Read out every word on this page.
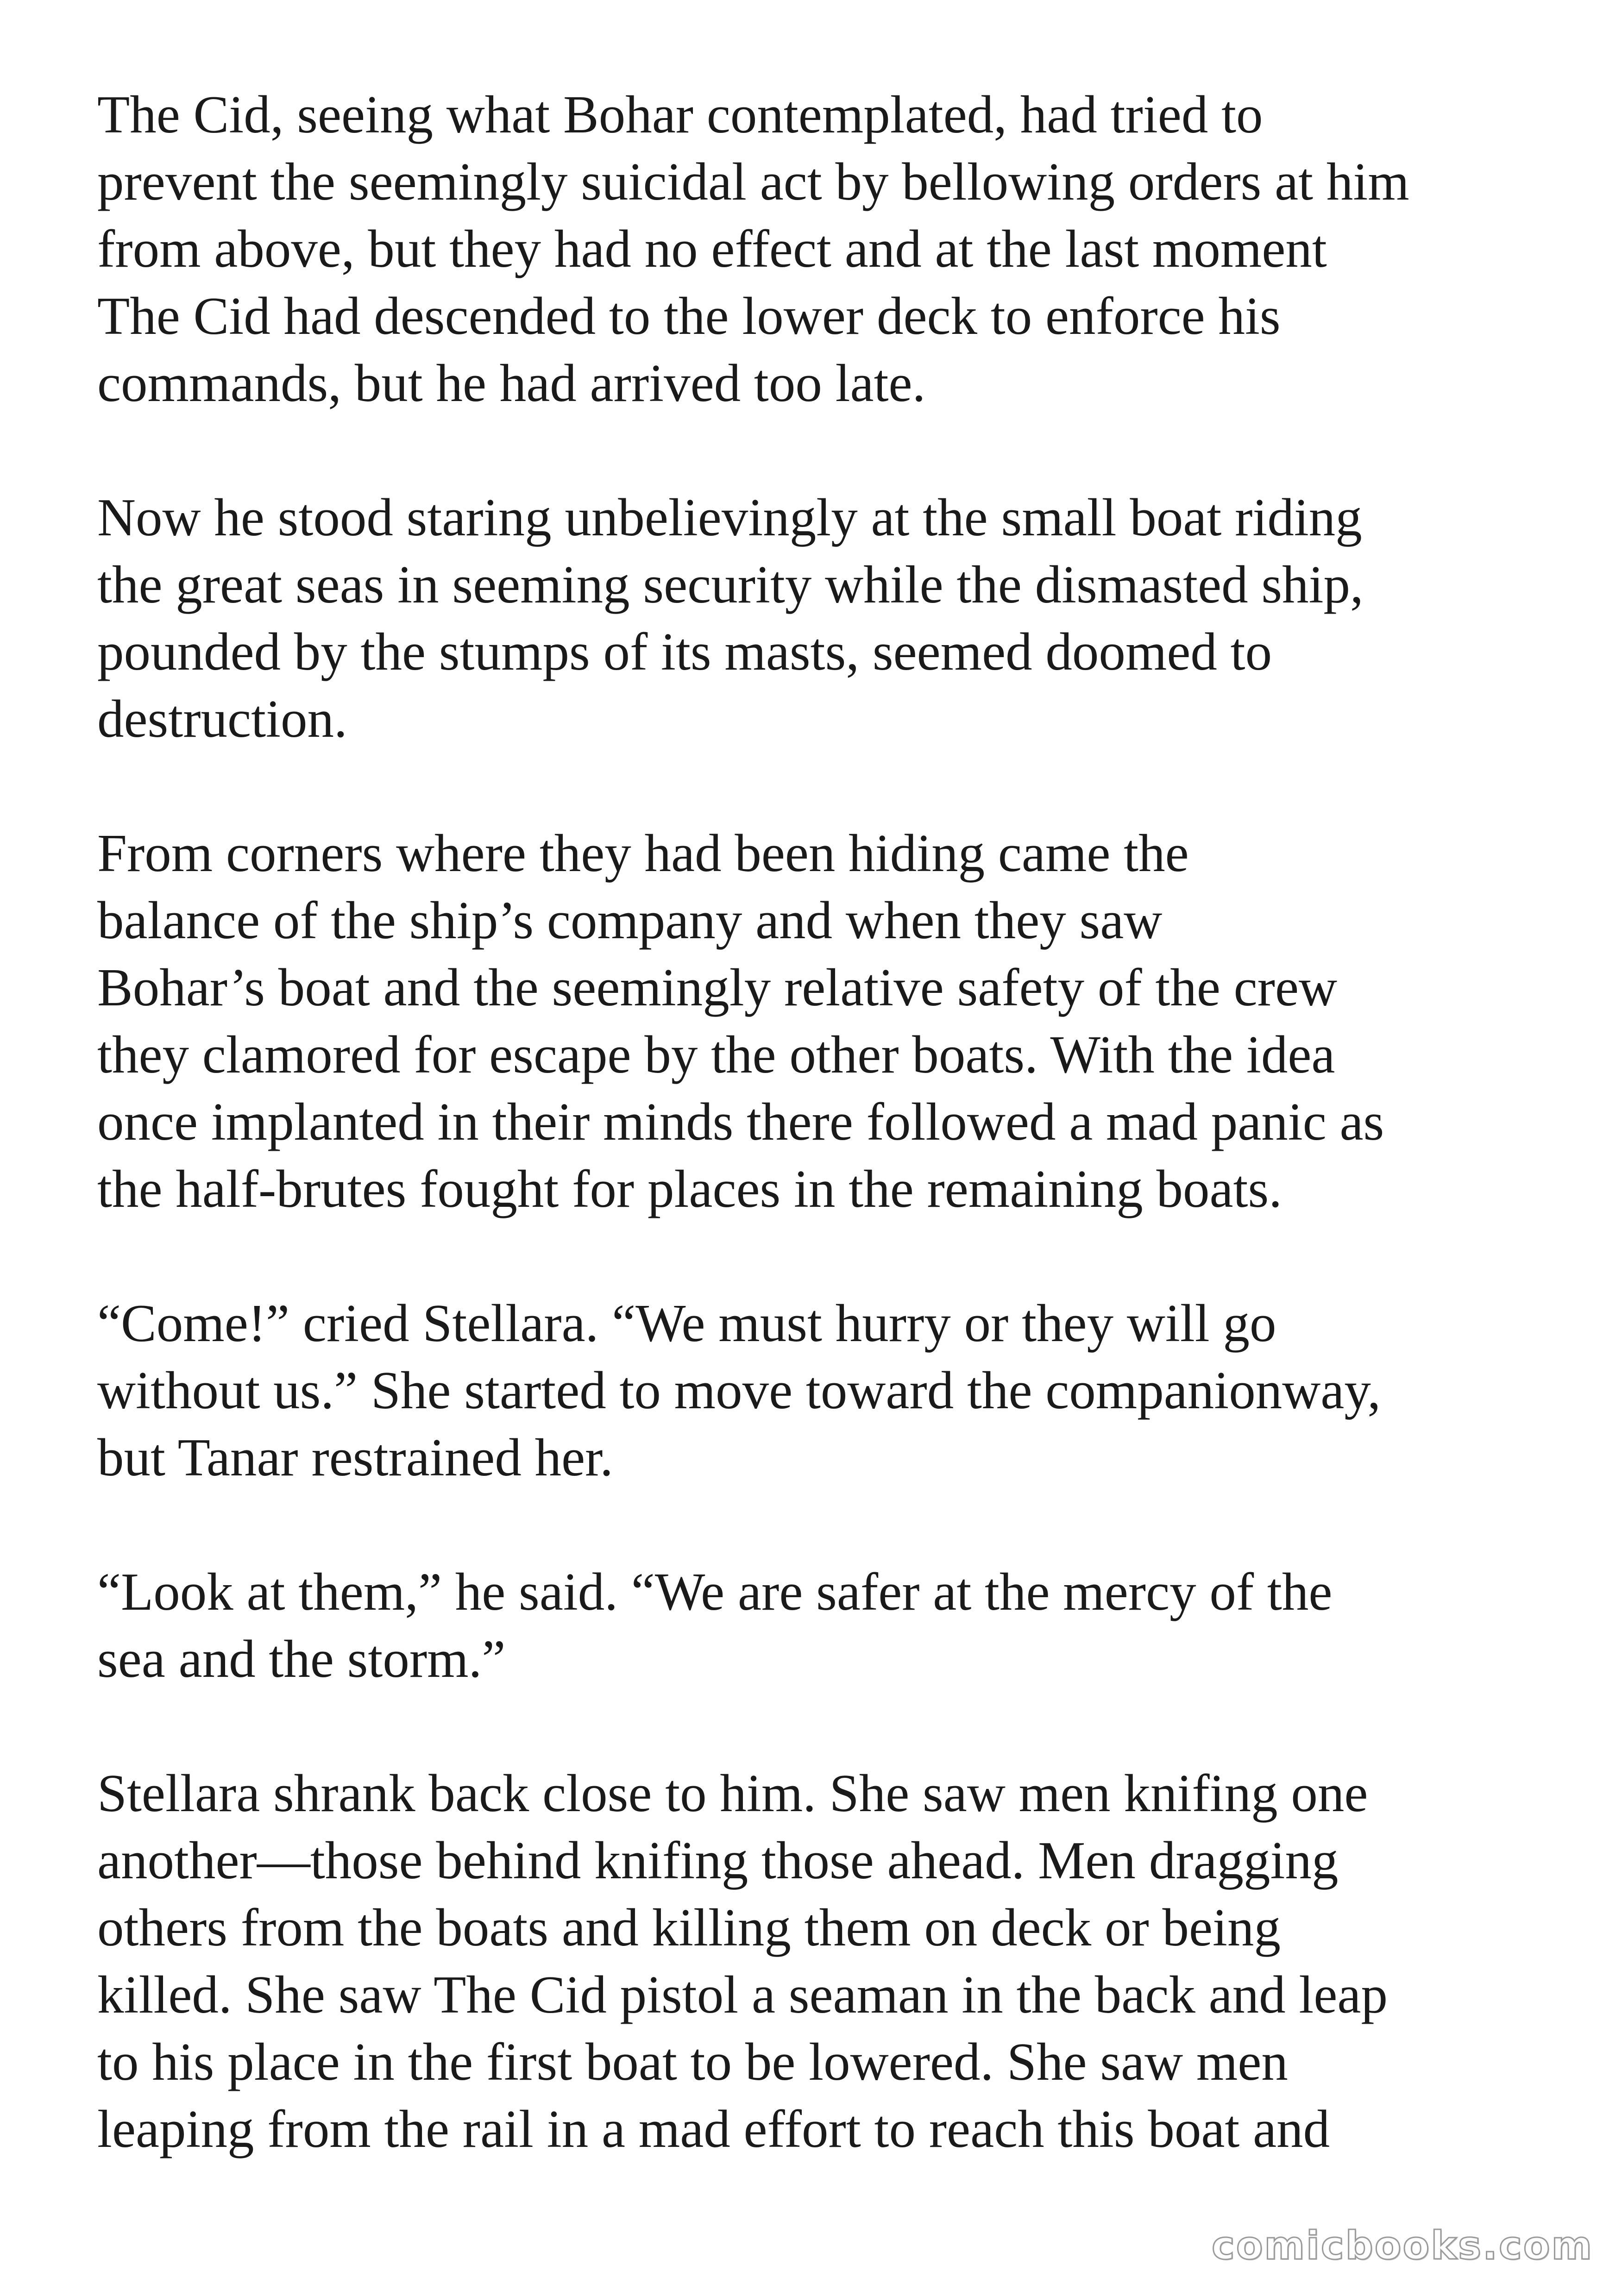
The Cid, seeing what Bohar contemplated, had tried to
prevent the seemingly suicidal act by bellowing orders at him
from above, but they had no effect and at the last moment
The Cid had descended to the lower deck to enforce his
commands, but he had arrived too late.

Now he stood staring unbelievingly at the small boat riding
the great seas in seeming security while the dismasted ship,
pounded by the stumps of its masts, seemed doomed to
destruction.

From corners where they had been hiding came the
balance of the ship’s company and when they saw
Bohar’s boat and the seemingly relative safety of the crew
they clamored for escape by the other boats. With the idea
once implanted in their minds there followed a mad panic as
the half-brutes fought for places in the remaining boats.

“Come!” cried Stellara. “We must hurry or they will go
without us.” She started to move toward the companionway,
but Tanar restrained her.

“Look at them,” he said. “We are safer at the mercy of the
sea and the storm.”

Stellara shrank back close to him. She saw men knifing one
another—those behind knifing those ahead. Men dragging
others from the boats and killing them on deck or being
killed. She saw The Cid pistol a seaman in the back and leap
to his place in the first boat to be lowered. She saw men
leaping from the rail in a mad effort to reach this boat and

comicbooks.com
